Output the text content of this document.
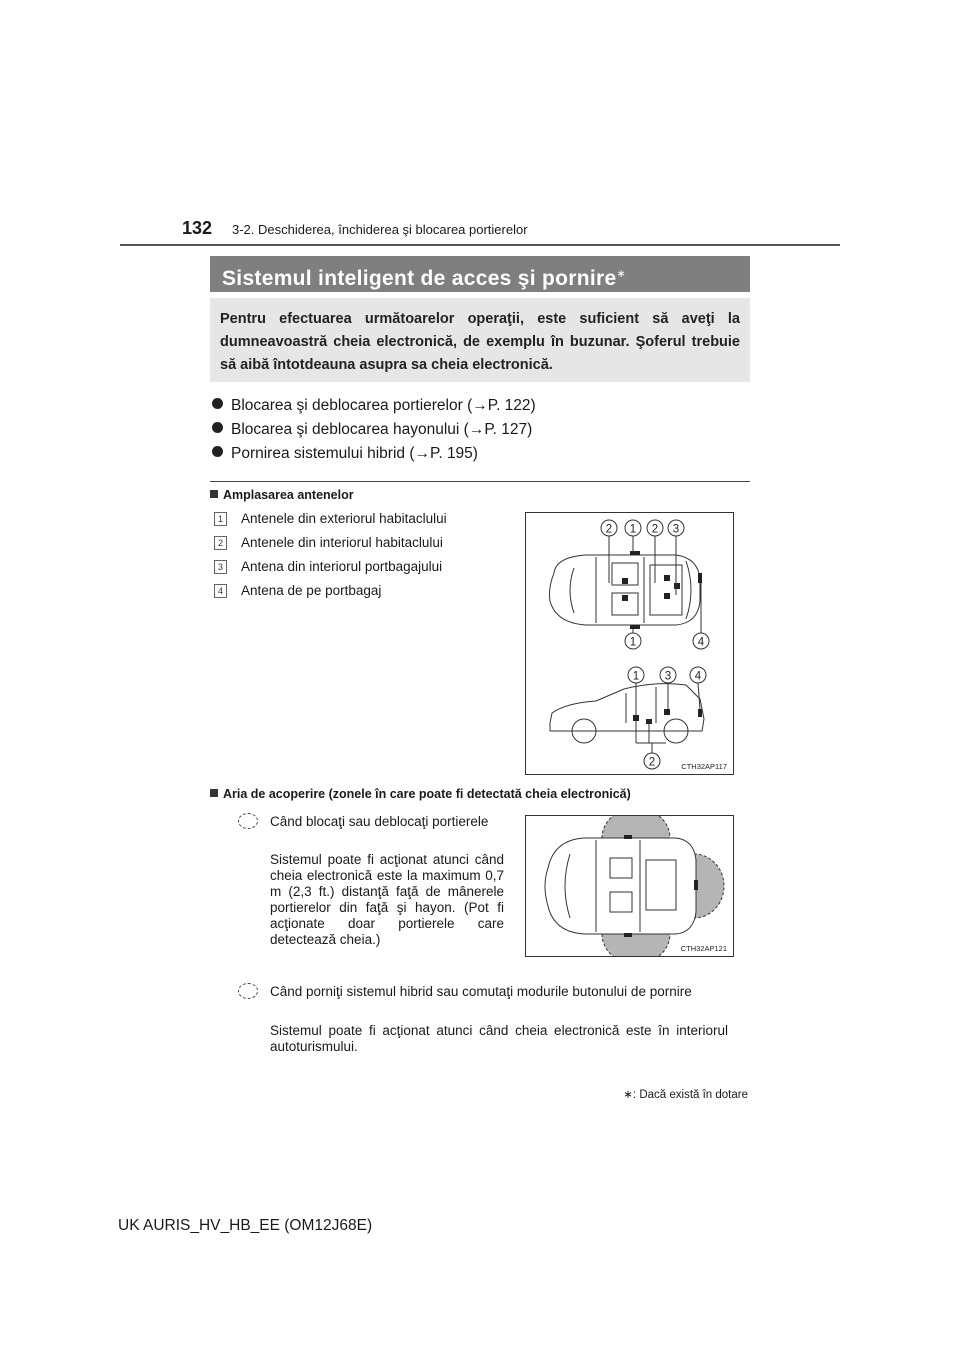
132 3-2. Deschiderea, închiderea şi blocarea portierelor
Sistemul inteligent de acces şi pornire∗
Pentru efectuarea următoarelor operaţii, este suficient să aveţi la dumneavoastră cheia electronică, de exemplu în buzunar. Şoferul trebuie să aibă întotdeauna asupra sa cheia electronică.
Blocarea şi deblocarea portierelor (→P. 122)
Blocarea şi deblocarea hayonului (→P. 127)
Pornirea sistemului hibrid (→P. 195)
Amplasarea antenelor
1 Antenele din exteriorul habitaclului
2 Antenele din interiorul habitaclului
3 Antena din interiorul portbagajului
4 Antena de pe portbagaj
2 1 2 3
1	4
1 3 4
2	CTH32AP117
Aria de acoperire (zonele în care poate fi detectată cheia electronică)
Când blocaţi sau deblocaţi portierele
Sistemul poate fi acţionat atunci când cheia electronică este la maximum 0,7 m (2,3 ft.) distanţă faţă de mânerele portierelor din faţă şi hayon. (Pot fi acţionate doar portierele care detectează cheia.)
CTH32AP121
Când porniţi sistemul hibrid sau comutaţi modurile butonului de pornire
Sistemul poate fi acţionat atunci când cheia electronică este în interiorul autoturismului.
∗: Dacă există în dotare
UK AURIS_HV_HB_EE (OM12J68E)
